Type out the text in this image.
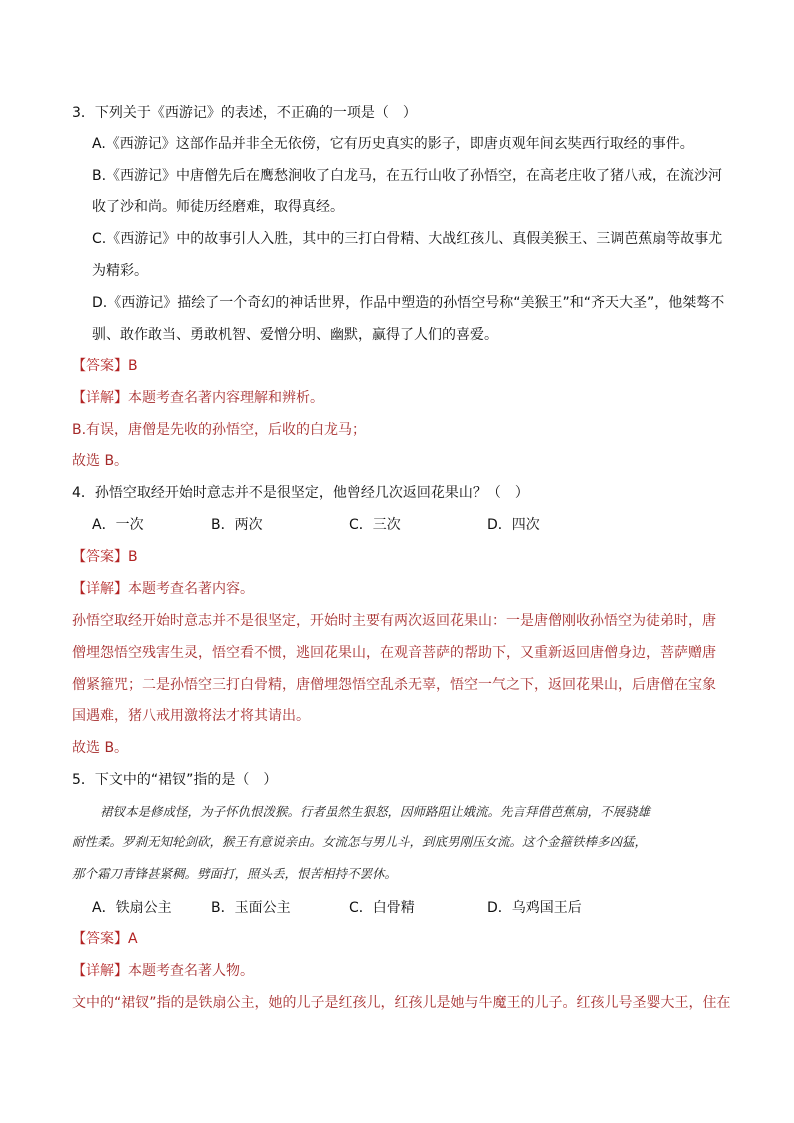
3．下列关于《西游记》的表述，不正确的一项是（　）
A.《西游记》这部作品并非全无依傍，它有历史真实的影子，即唐贞观年间玄奘西行取经的事件。
B.《西游记》中唐僧先后在鹰愁涧收了白龙马，在五行山收了孙悟空，在高老庄收了猪八戒，在流沙河
收了沙和尚。师徒历经磨难，取得真经。
C.《西游记》中的故事引人入胜，其中的三打白骨精、大战红孩儿、真假美猴王、三调芭蕉扇等故事尤
为精彩。
D.《西游记》描绘了一个奇幻的神话世界，作品中塑造的孙悟空号称“美猴王”和“齐天大圣”，他桀骜不
驯、敢作敢当、勇敢机智、爱憎分明、幽默，赢得了人们的喜爱。
【答案】B
【详解】本题考查名著内容理解和辨析。
B.有误，唐僧是先收的孙悟空，后收的白龙马；
故选 B。
4．孙悟空取经开始时意志并不是很坚定，他曾经几次返回花果山？（　）
A．一次	B．两次	C．三次	D．四次
【答案】B
【详解】本题考查名著内容。
孙悟空取经开始时意志并不是很坚定，开始时主要有两次返回花果山：一是唐僧刚收孙悟空为徒弟时，唐
僧埋怨悟空残害生灵，悟空看不惯，逃回花果山，在观音菩萨的帮助下，又重新返回唐僧身边，菩萨赠唐
僧紧箍咒；二是孙悟空三打白骨精，唐僧埋怨悟空乱杀无辜，悟空一气之下，返回花果山，后唐僧在宝象
国遇难，猪八戒用激将法才将其请出。
故选 B。
5．下文中的“裙钗”指的是（　）
裙钗本是修成怪，为子怀仇恨泼猴。行者虽然生狠怒，因师路阻让娥流。先言拜借芭蕉扇，不展骁雄
耐性柔。罗刹无知轮剑砍，猴王有意说亲由。女流怎与男儿斗，到底男刚压女流。这个金箍铁棒多凶猛，
那个霜刀青锋甚紧稠。劈面打，照头丢，恨苦相持不罢休。
A．铁扇公主	B．玉面公主	C．白骨精	D．乌鸡国王后
【答案】A
【详解】本题考查名著人物。
文中的“裙钗”指的是铁扇公主，她的儿子是红孩儿，红孩儿是她与牛魔王的儿子。红孩儿号圣婴大王，住在
